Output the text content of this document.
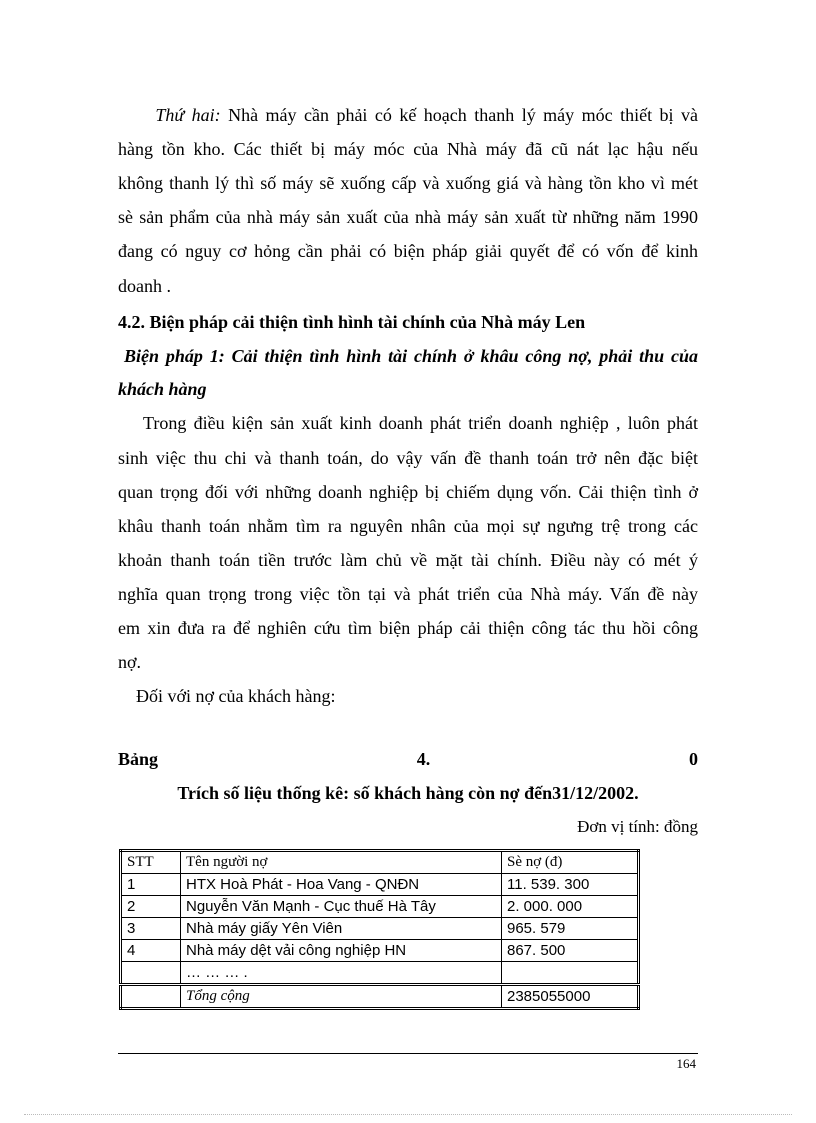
Thứ hai: Nhà máy cần phải có kế hoạch thanh lý máy móc thiết bị và
hàng tồn kho. Các thiết bị máy móc của Nhà máy đã cũ nát lạc hậu nếu
không thanh lý thì số máy sẽ xuống cấp và xuống giá và hàng tồn kho vì mét
sè sản phẩm của nhà máy sản xuất của nhà máy sản xuất từ những năm 1990
đang có nguy cơ hỏng cần phải có biện pháp giải quyết để có vốn để kinh
doanh .
4.2. Biện pháp cải thiện tình hình tài chính của Nhà máy Len
Biện pháp 1: Cải thiện tình hình tài chính ở khâu công nợ, phải thu của
khách hàng
Trong điều kiện sản xuất kinh doanh phát triển doanh nghiệp , luôn phát
sinh việc thu chi và thanh toán, do vậy vấn đề thanh toán trở nên đặc biệt
quan trọng đối với những doanh nghiệp bị chiếm dụng vốn. Cải thiện tình ở
khâu thanh toán nhằm tìm ra nguyên nhân của mọi sự ngưng trệ trong các
khoản thanh toán tiền trước làm chủ về mặt tài chính. Điều này có mét ý
nghĩa quan trọng trong việc tồn tại và phát triển của Nhà máy. Vấn đề này
em xin đưa ra để nghiên cứu tìm biện pháp cải thiện công tác thu hồi công
nợ.
Đối với nợ của khách hàng:
Bảng	4.	0
Trích số liệu thống kê: số khách hàng còn nợ đến31/12/2002.
Đơn vị tính: đồng
STT	Tên người nợ	Sè nợ (đ)
1	HTX Hoà Phát - Hoa Vang - QNĐN	11. 539. 300
2	Nguyễn Văn Mạnh - Cục thuế Hà Tây	2. 000. 000
3	Nhà máy giấy Yên Viên	965. 579
4	Nhà máy dệt vải công nghiệp HN	867. 500
	… … … .	
	Tổng cộng	2385055000
164
